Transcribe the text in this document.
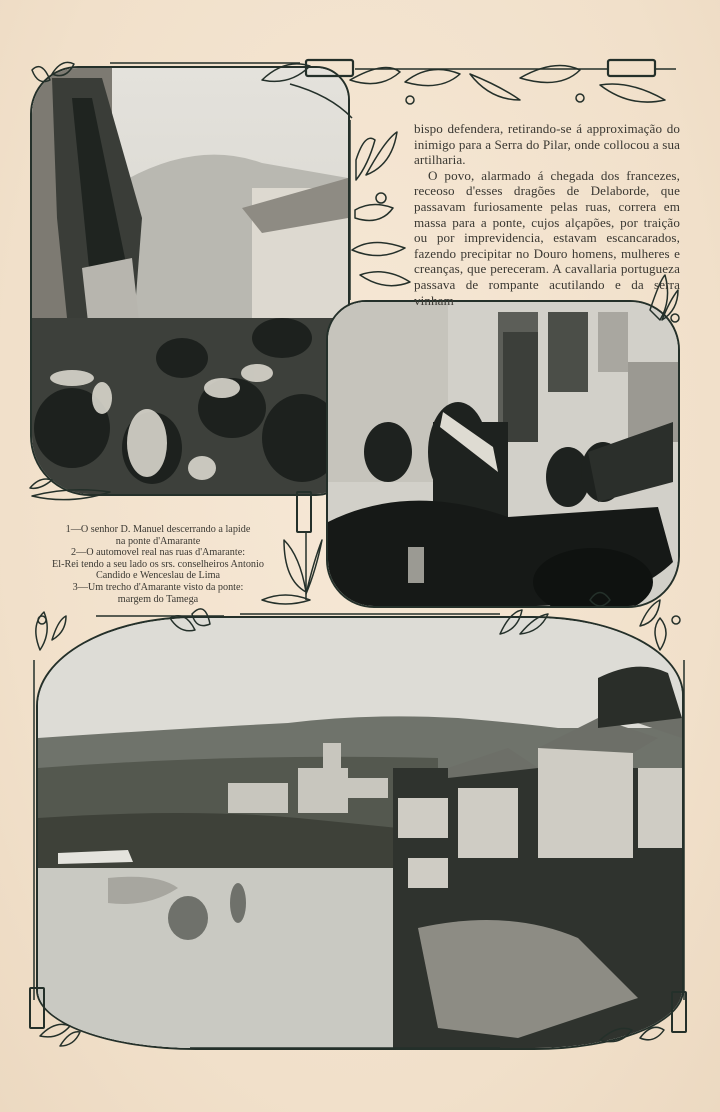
bispo defendera, retirando-se á approximação do inimigo para a Serra do Pilar, onde collocou a sua artilharia.

O povo, alarmado á chegada dos francezes, receoso d'esses dragões de Delaborde, que passavam furiosamente pelas ruas, correra em massa para a ponte, cujos alçapões, por traição ou por imprevidencia, estavam escancarados, fazendo precipitar no Douro homens, mulheres e creanças, que pereceram. A cavallaria portugueza passava de rompante acutilando e da serra vinham

1—O senhor D. Manuel descerrando a lapide
na ponte d'Amarante
2—O automovel real nas ruas d'Amarante:
El-Rei tendo a seu lado os srs. conselheiros Antonio
Candido e Wenceslau de Lima
3—Um trecho d'Amarante visto da ponte:
margem do Tamega
